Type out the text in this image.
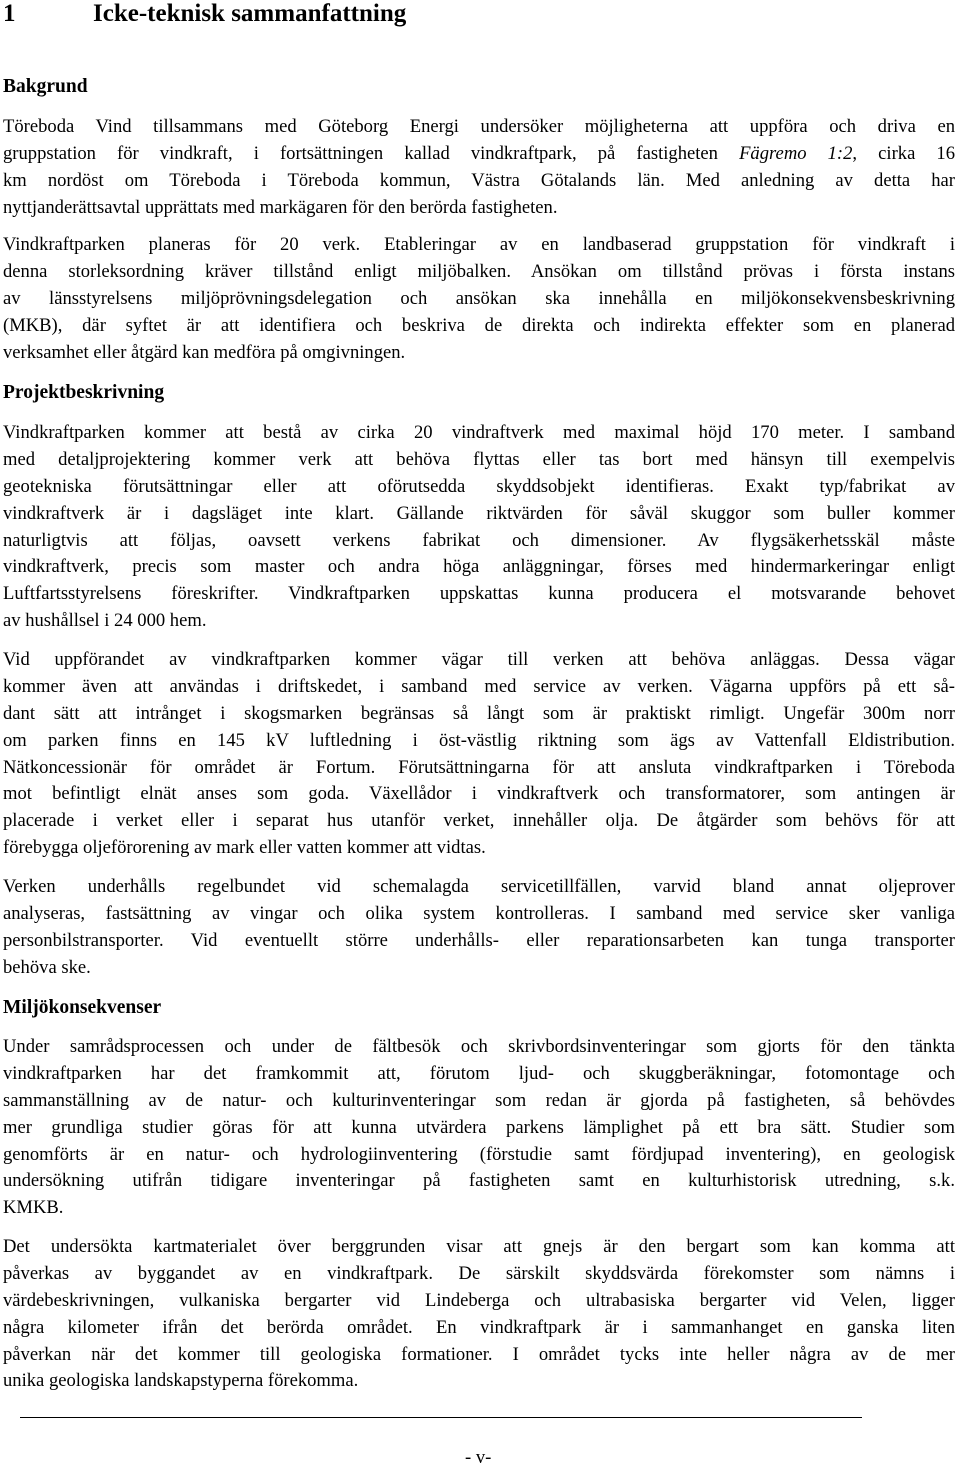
1	Icke-teknisk sammanfattning
Bakgrund
Töreboda Vind tillsammans med Göteborg Energi undersöker möjligheterna att uppföra och driva en
gruppstation för vindkraft, i fortsättningen kallad vindkraftpark, på fastigheten Fägremo 1:2, cirka 16
km nordöst om Töreboda i Töreboda kommun, Västra Götalands län. Med anledning av detta har
nyttjanderättsavtal upprättats med markägaren för den berörda fastigheten.
Vindkraftparken planeras för 20 verk. Etableringar av en landbaserad gruppstation för vindkraft i
denna storleksordning kräver tillstånd enligt miljöbalken. Ansökan om tillstånd prövas i första instans
av länsstyrelsens miljöprövningsdelegation och ansökan ska innehålla en miljökonsekvensbeskrivning
(MKB), där syftet är att identifiera och beskriva de direkta och indirekta effekter som en planerad
verksamhet eller åtgärd kan medföra på omgivningen.
Projektbeskrivning
Vindkraftparken kommer att bestå av cirka 20 vindraftverk med maximal höjd 170 meter. I samband
med detaljprojektering kommer verk att behöva flyttas eller tas bort med hänsyn till exempelvis
geotekniska förutsättningar eller att oförutsedda skyddsobjekt identifieras. Exakt typ/fabrikat av
vindkraftverk är i dagsläget inte klart. Gällande riktvärden för såväl skuggor som buller kommer
naturligtvis att följas, oavsett verkens fabrikat och dimensioner. Av flygsäkerhetsskäl måste
vindkraftverk, precis som master och andra höga anläggningar, förses med hindermarkeringar enligt
Luftfartsstyrelsens föreskrifter. Vindkraftparken uppskattas kunna producera el motsvarande behovet
av hushållsel i 24 000 hem.
Vid uppförandet av vindkraftparken kommer vägar till verken att behöva anläggas. Dessa vägar
kommer även att användas i driftskedet, i samband med service av verken. Vägarna uppförs på ett så-
dant sätt att intrånget i skogsmarken begränsas så långt som är praktiskt rimligt. Ungefär 300m norr
om parken finns en 145 kV luftledning i öst-västlig riktning som ägs av Vattenfall Eldistribution.
Nätkoncessionär för området är Fortum. Förutsättningarna för att ansluta vindkraftparken i Töreboda
mot befintligt elnät anses som goda. Växellådor i vindkraftverk och transformatorer, som antingen är
placerade i verket eller i separat hus utanför verket, innehåller olja. De åtgärder som behövs för att
förebygga oljeförorening av mark eller vatten kommer att vidtas.
Verken underhålls regelbundet vid schemalagda servicetillfällen, varvid bland annat oljeprover
analyseras, fastsättning av vingar och olika system kontrolleras. I samband med service sker vanliga
personbilstransporter. Vid eventuellt större underhålls- eller reparationsarbeten kan tunga transporter
behöva ske.
Miljökonsekvenser
Under samrådsprocessen och under de fältbesök och skrivbordsinventeringar som gjorts för den tänkta
vindkraftparken har det framkommit att, förutom ljud- och skuggberäkningar, fotomontage och
sammanställning av de natur- och kulturinventeringar som redan är gjorda på fastigheten, så behövdes
mer grundliga studier göras för att kunna utvärdera parkens lämplighet på ett bra sätt. Studier som
genomförts är en natur- och hydrologiinventering (förstudie samt fördjupad inventering), en geologisk
undersökning utifrån tidigare inventeringar på fastigheten samt en kulturhistorisk utredning, s.k.
KMKB.
Det undersökta kartmaterialet över berggrunden visar att gnejs är den bergart som kan komma att
påverkas av byggandet av en vindkraftpark. De särskilt skyddsvärda förekomster som nämns i
värdebeskrivningen, vulkaniska bergarter vid Lindeberga och ultrabasiska bergarter vid Velen, ligger
några kilometer ifrån det berörda området. En vindkraftpark är i sammanhanget en ganska liten
påverkan när det kommer till geologiska formationer. I området tycks inte heller några av de mer
unika geologiska landskapstyperna förekomma.
- v-
